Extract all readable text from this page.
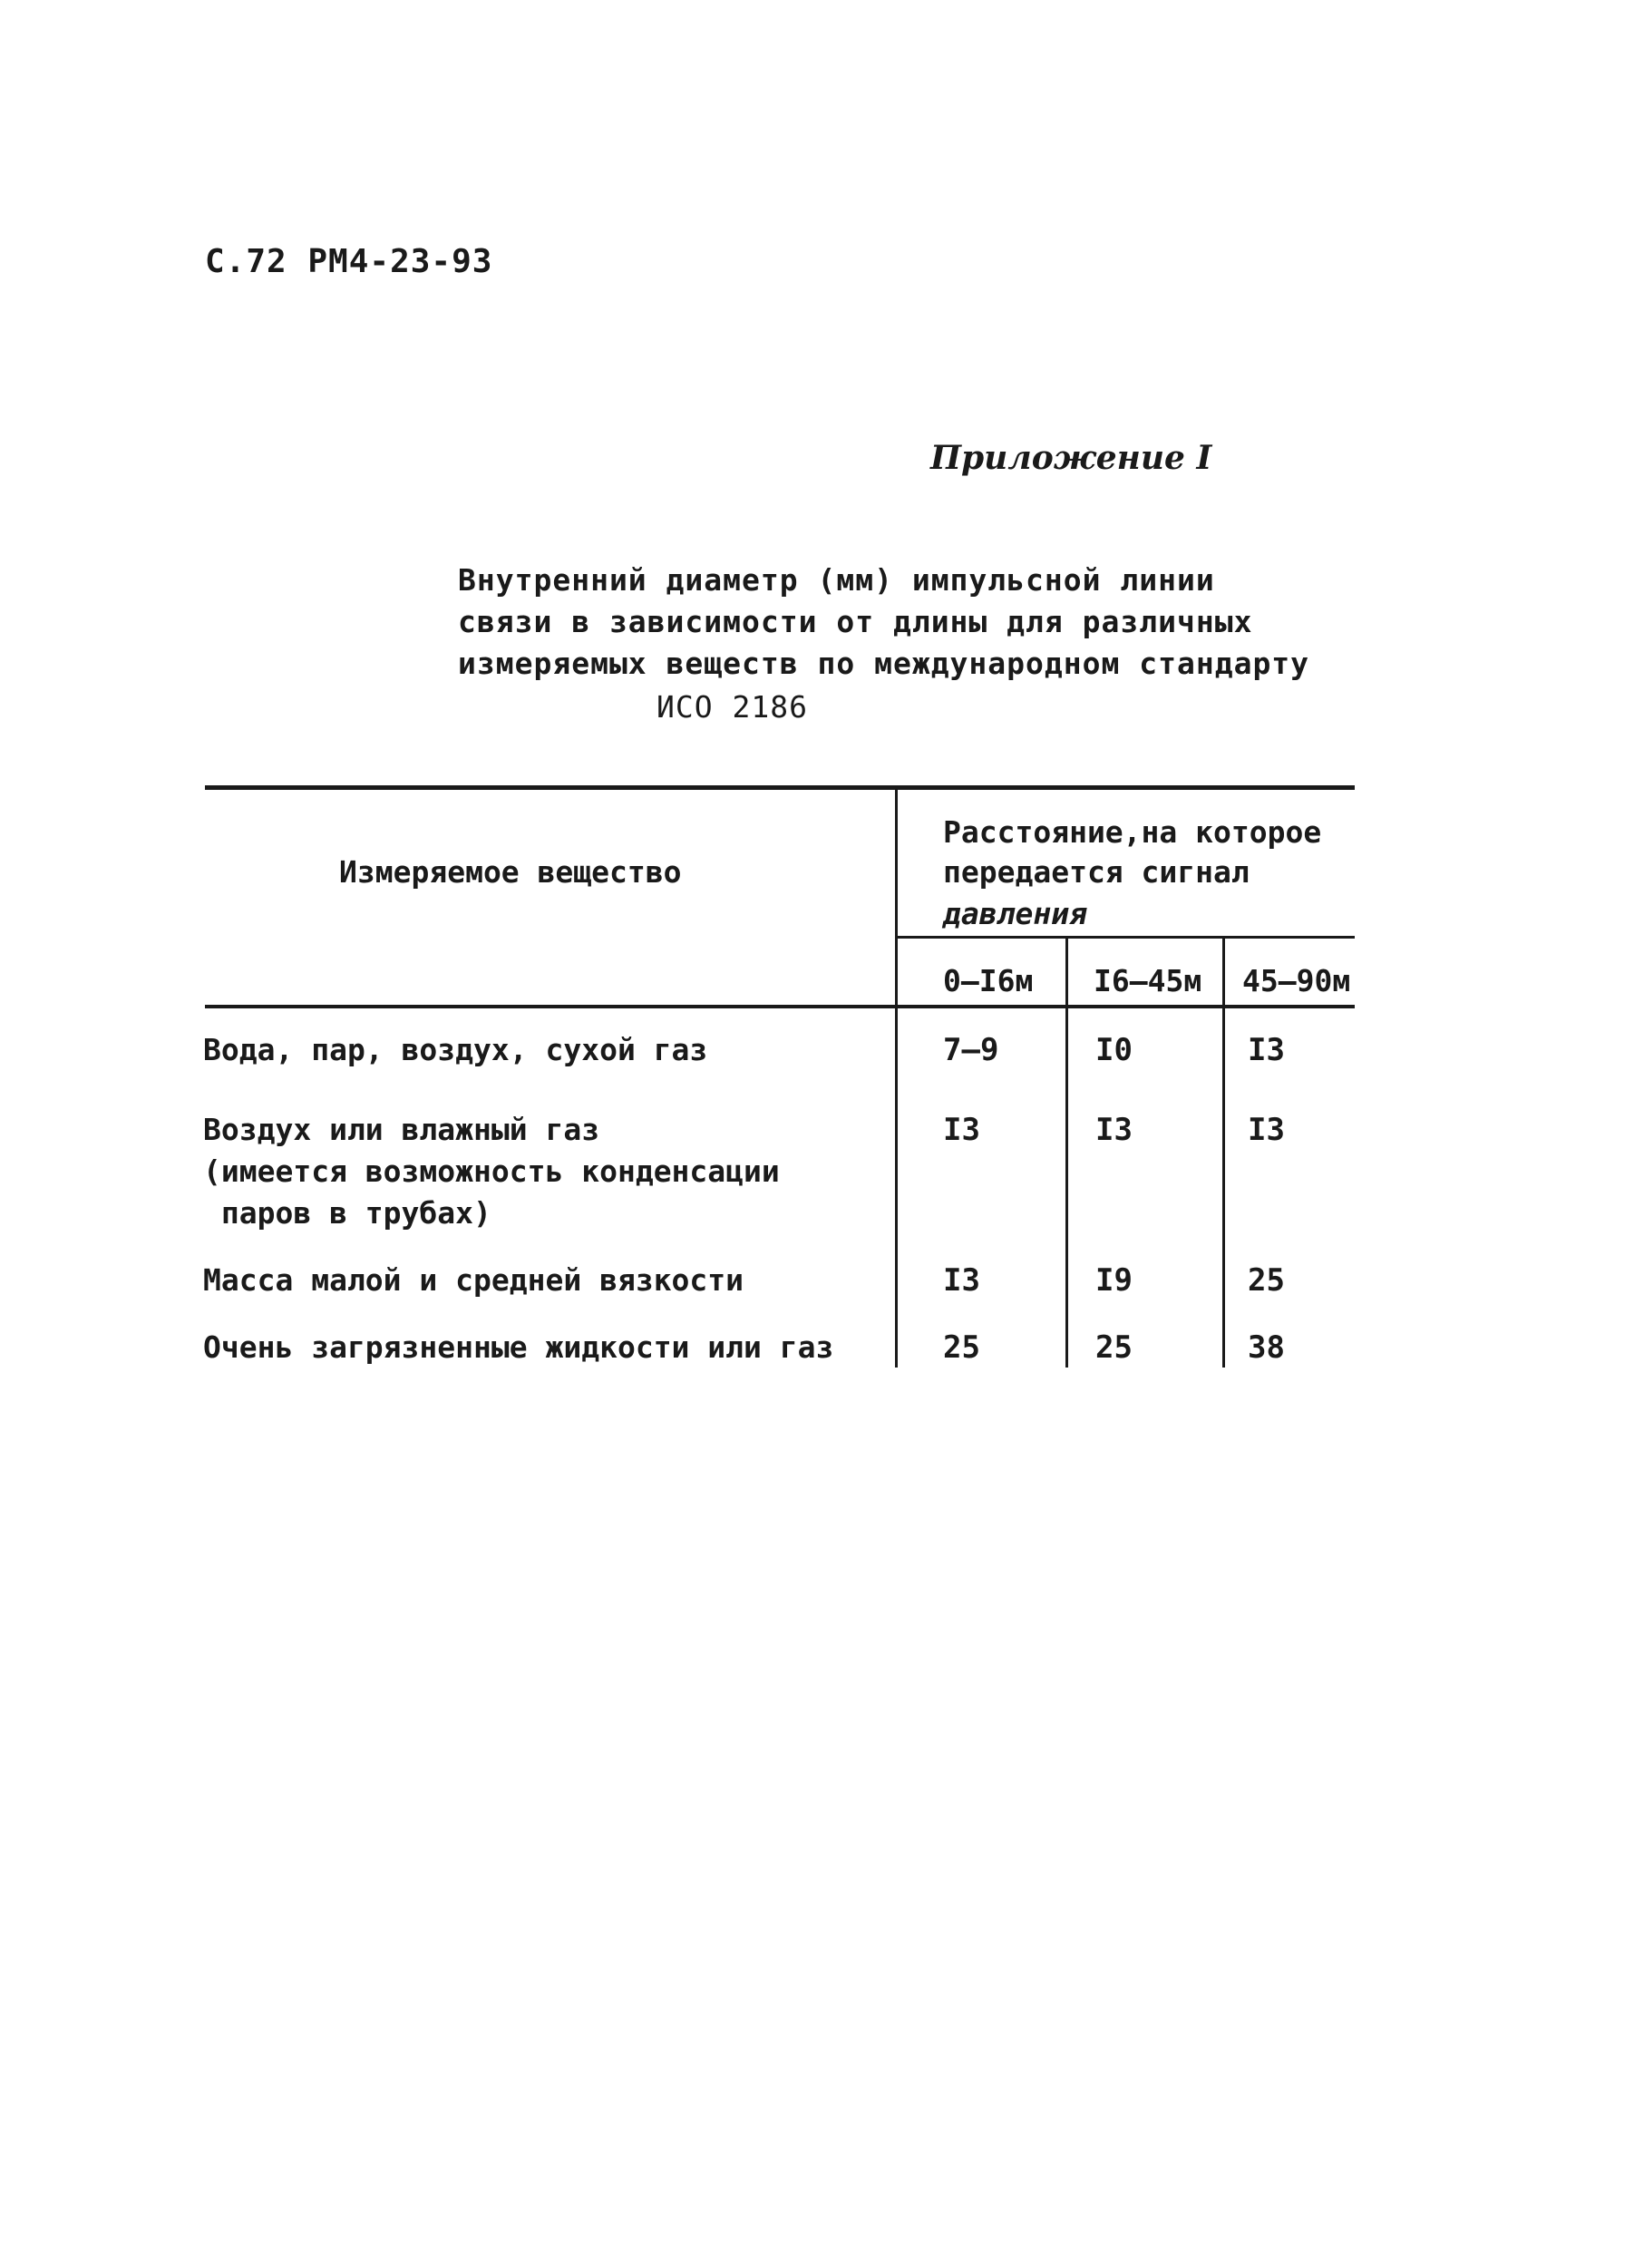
С.72 РМ4-23-93
Приложение I
Внутренний диаметр (мм) импульсной линии
связи в зависимости от длины для различных
измеряемых веществ по международном стандарту
ИСО 2186
Измеряемое вещество
Расстояние,на которое
передается сигнал
давления
0–I6м I6–45м 45–90м
Вода, пар, воздух, сухой газ	7–9	I0	I3
Воздух или влажный газ
(имеется возможность конденсации
паров в трубах)
I3	I3	I3
Масса малой и средней вязкости	I3	I9	25
Очень загрязненные жидкости или газ	25	25	38
